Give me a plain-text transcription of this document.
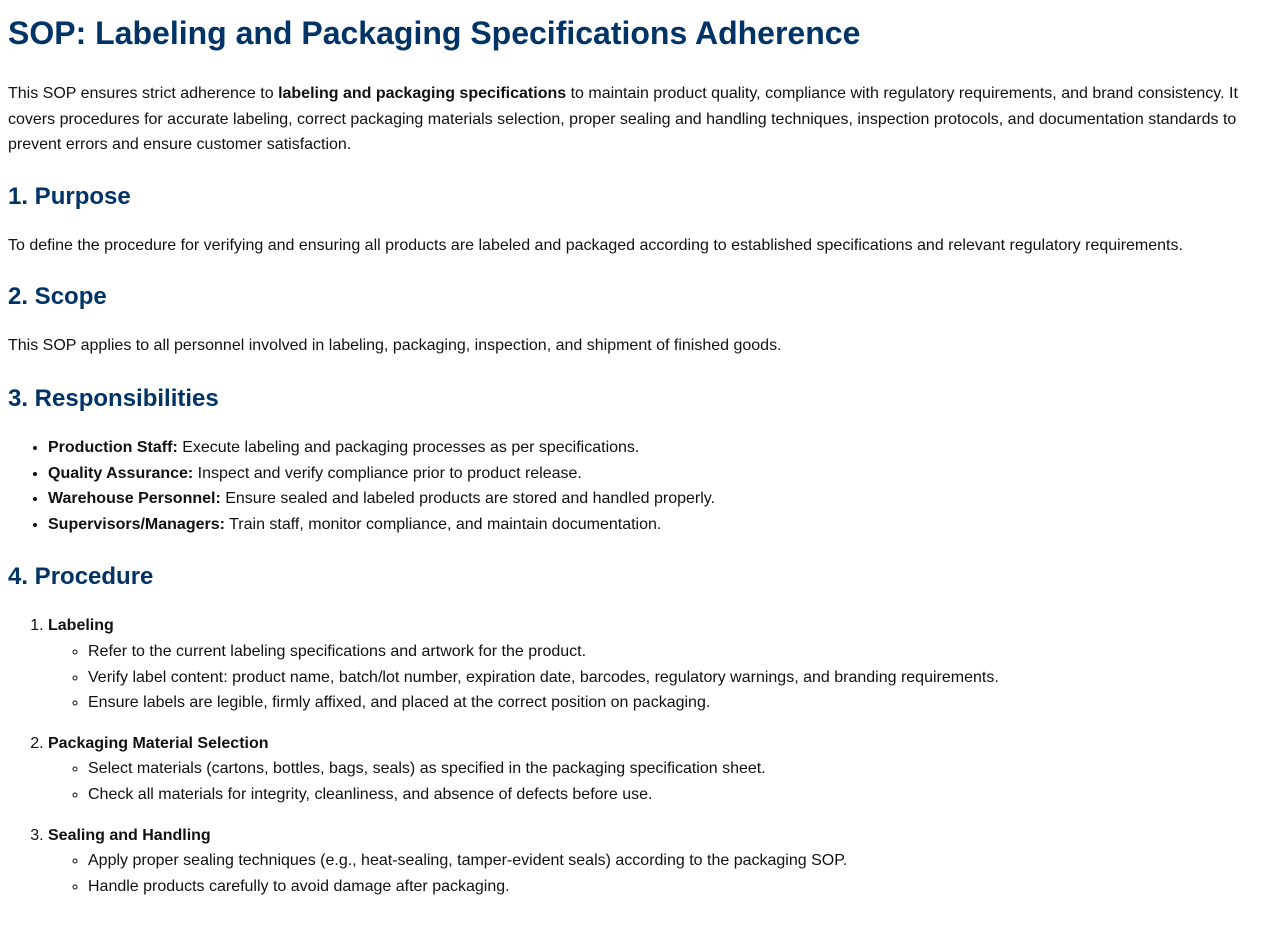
SOP: Labeling and Packaging Specifications Adherence

This SOP ensures strict adherence to labeling and packaging specifications to maintain product quality, compliance with regulatory requirements, and brand consistency. It covers procedures for accurate labeling, correct packaging materials selection, proper sealing and handling techniques, inspection protocols, and documentation standards to prevent errors and ensure customer satisfaction.

1. Purpose

To define the procedure for verifying and ensuring all products are labeled and packaged according to established specifications and relevant regulatory requirements.

2. Scope

This SOP applies to all personnel involved in labeling, packaging, inspection, and shipment of finished goods.

3. Responsibilities
• Production Staff: Execute labeling and packaging processes as per specifications.
• Quality Assurance: Inspect and verify compliance prior to product release.
• Warehouse Personnel: Ensure sealed and labeled products are stored and handled properly.
• Supervisors/Managers: Train staff, monitor compliance, and maintain documentation.
4. Procedure
1. Labeling
◦ Refer to the current labeling specifications and artwork for the product.
◦ Verify label content: product name, batch/lot number, expiration date, barcodes, regulatory warnings, and branding requirements.
◦ Ensure labels are legible, firmly affixed, and placed at the correct position on packaging.
2. Packaging Material Selection
◦ Select materials (cartons, bottles, bags, seals) as specified in the packaging specification sheet.
◦ Check all materials for integrity, cleanliness, and absence of defects before use.
3. Sealing and Handling
◦ Apply proper sealing techniques (e.g., heat-sealing, tamper-evident seals) according to the packaging SOP.
◦ Handle products carefully to avoid damage after packaging.
